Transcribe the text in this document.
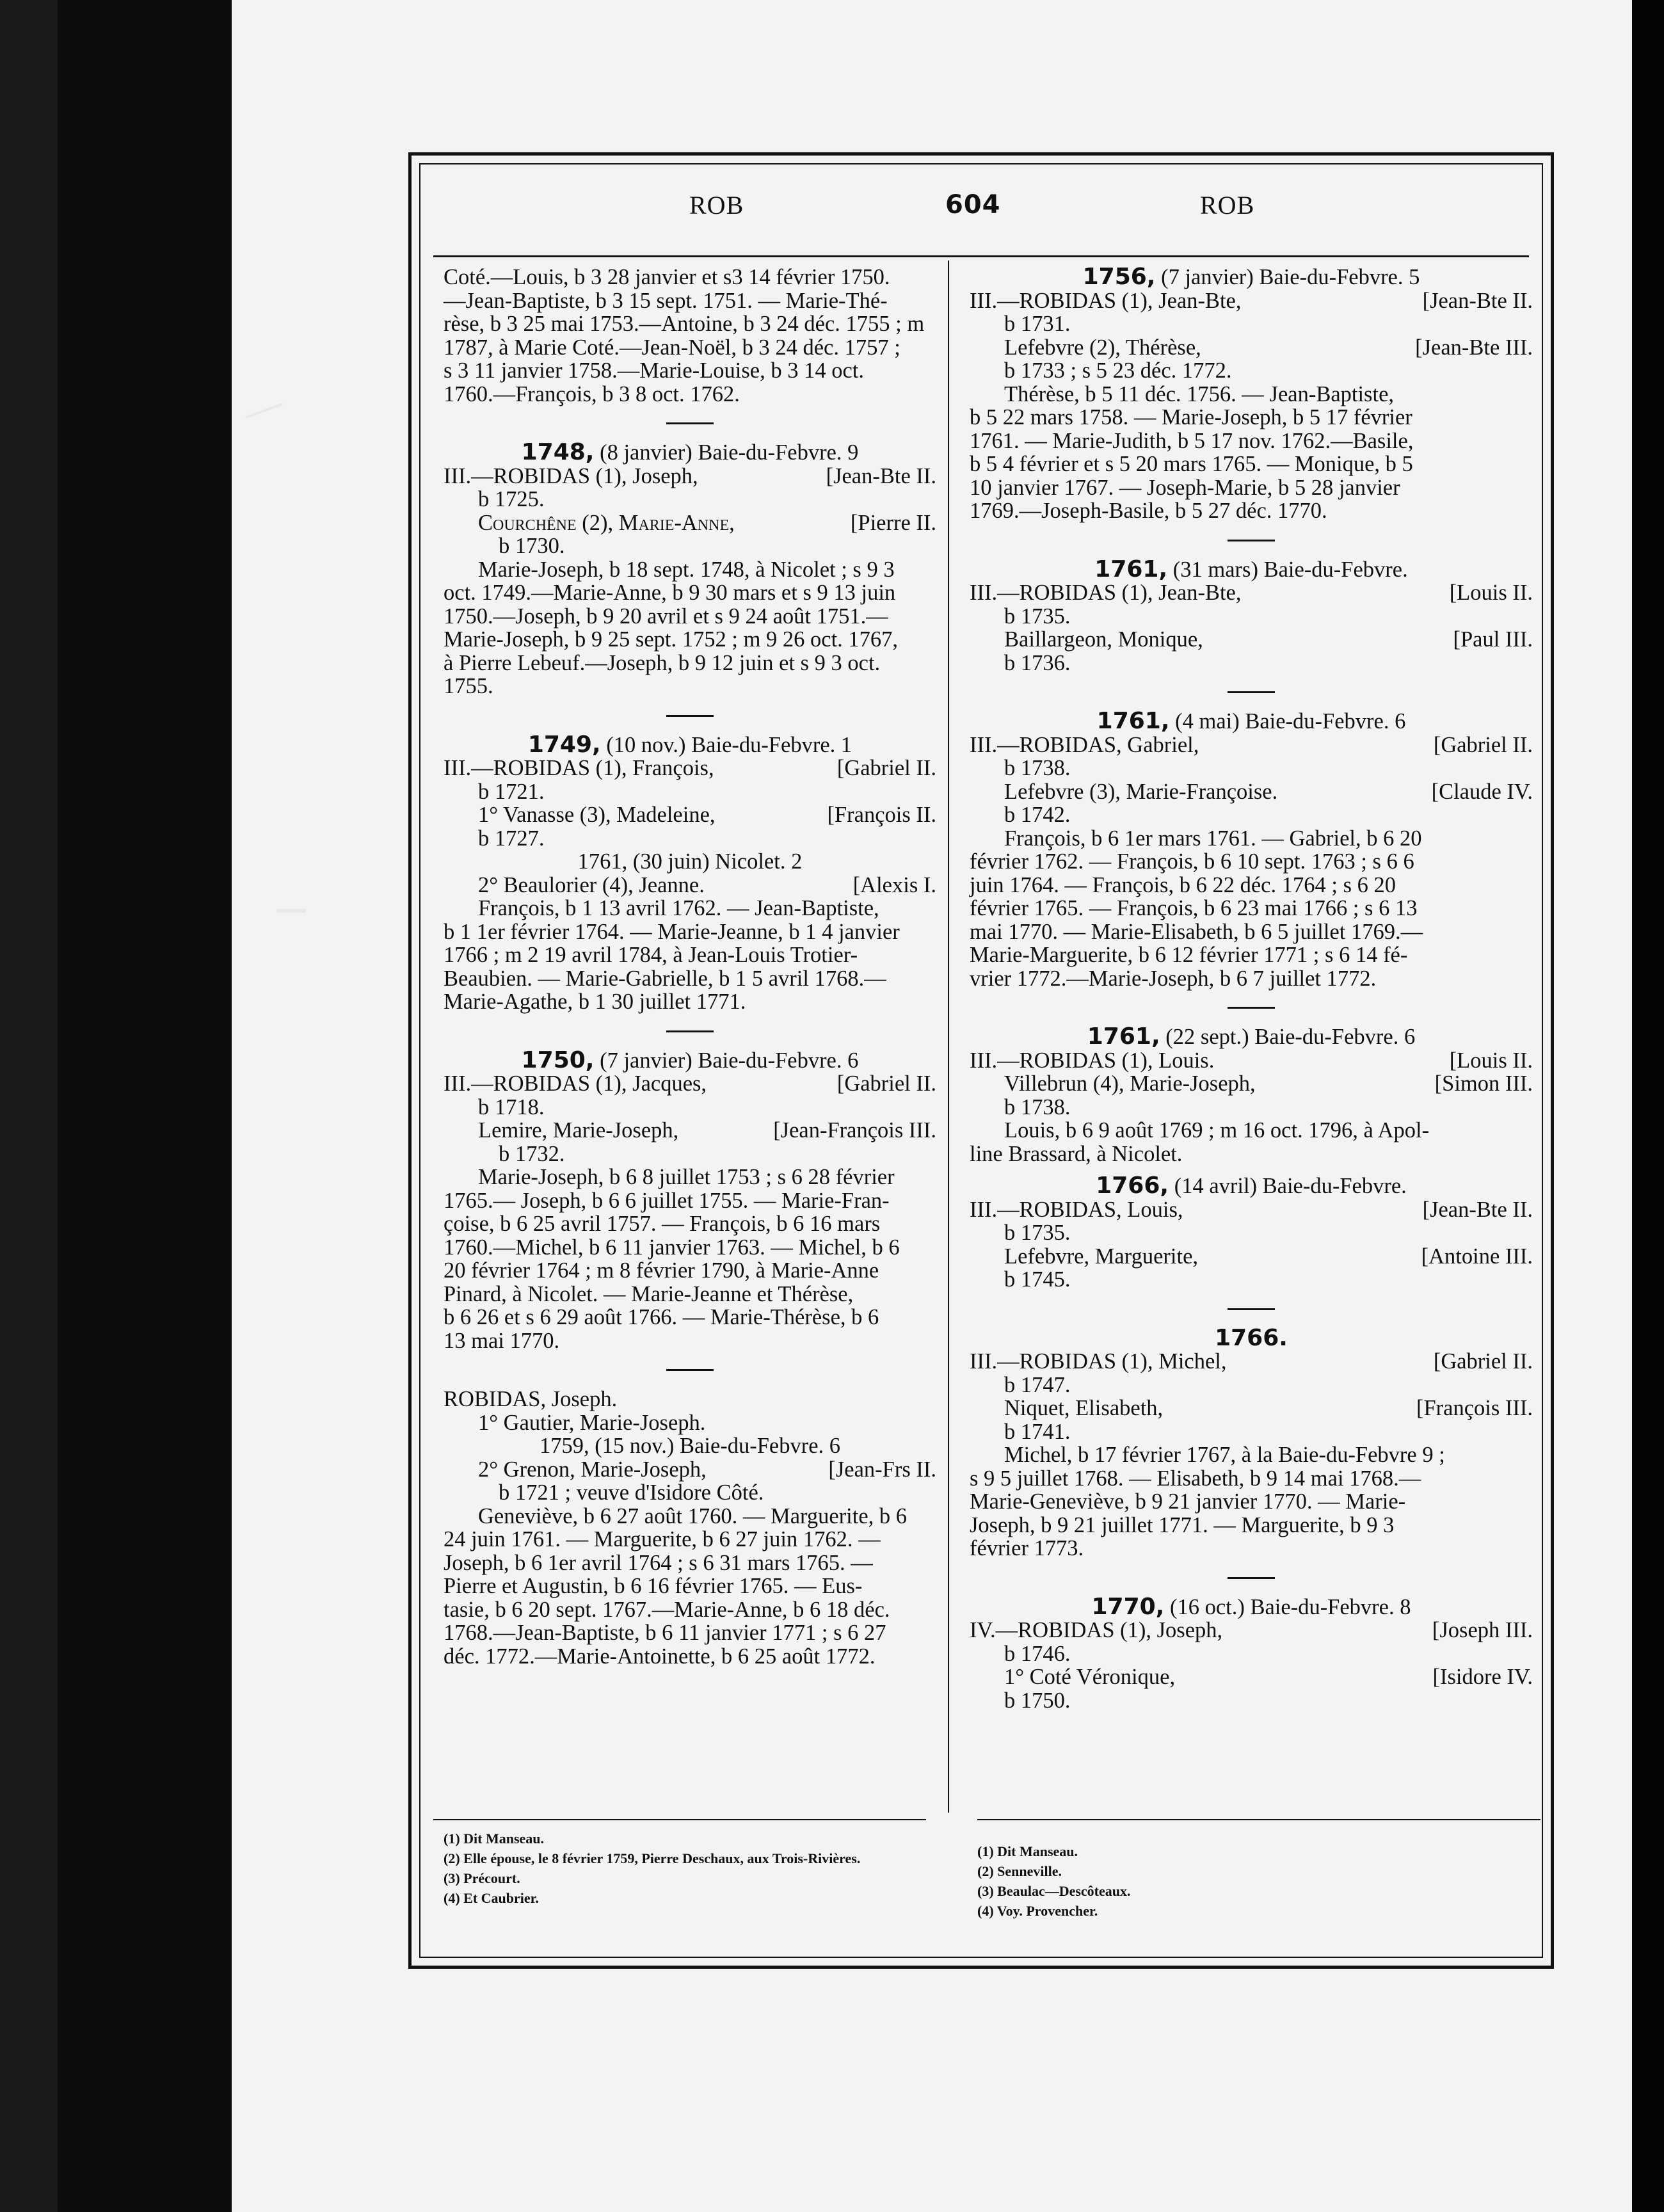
ROB	604	ROB

Coté.—Louis, b 3 28 janvier et s3 14 février 1750.

—Jean-Baptiste, b 3 15 sept. 1751. — Marie-Thé-

rèse, b 3 25 mai 1753.—Antoine, b 3 24 déc. 1755 ; m

1787, à Marie Coté.—Jean-Noël, b 3 24 déc. 1757 ;

s 3 11 janvier 1758.—Marie-Louise, b 3 14 oct.

1760.—François, b 3 8 oct. 1762.

1748, (8 janvier) Baie-du-Febvre. 9

III.—ROBIDAS (1), Joseph,	[Jean-Bte II.

b 1725.

Courchêne (2), Marie-Anne,	[Pierre II.

b 1730.

Marie-Joseph, b 18 sept. 1748, à Nicolet ; s 9 3

oct. 1749.—Marie-Anne, b 9 30 mars et s 9 13 juin

1750.—Joseph, b 9 20 avril et s 9 24 août 1751.—

Marie-Joseph, b 9 25 sept. 1752 ; m 9 26 oct. 1767,

à Pierre Lebeuf.—Joseph, b 9 12 juin et s 9 3 oct.

1755.

1749, (10 nov.) Baie-du-Febvre. 1

III.—ROBIDAS (1), François,	[Gabriel II.

b 1721.

1° Vanasse (3), Madeleine,	[François II.

b 1727.

1761, (30 juin) Nicolet. 2

2° Beaulorier (4), Jeanne.	[Alexis I.

François, b 1 13 avril 1762. — Jean-Baptiste,

b 1 1er février 1764. — Marie-Jeanne, b 1 4 janvier

1766 ; m 2 19 avril 1784, à Jean-Louis Trotier-

Beaubien. — Marie-Gabrielle, b 1 5 avril 1768.—

Marie-Agathe, b 1 30 juillet 1771.

1750, (7 janvier) Baie-du-Febvre. 6

III.—ROBIDAS (1), Jacques,	[Gabriel II.

b 1718.

Lemire, Marie-Joseph,	[Jean-François III.

b 1732.

Marie-Joseph, b 6 8 juillet 1753 ; s 6 28 février

1765.— Joseph, b 6 6 juillet 1755. — Marie-Fran-

çoise, b 6 25 avril 1757. — François, b 6 16 mars

1760.—Michel, b 6 11 janvier 1763. — Michel, b 6

20 février 1764 ; m 8 février 1790, à Marie-Anne

Pinard, à Nicolet. — Marie-Jeanne et Thérèse,

b 6 26 et s 6 29 août 1766. — Marie-Thérèse, b 6

13 mai 1770.

ROBIDAS, Joseph.

1° Gautier, Marie-Joseph.

1759, (15 nov.) Baie-du-Febvre. 6

2° Grenon, Marie-Joseph,	[Jean-Frs II.

b 1721 ; veuve d'Isidore Côté.

Geneviève, b 6 27 août 1760. — Marguerite, b 6

24 juin 1761. — Marguerite, b 6 27 juin 1762. —

Joseph, b 6 1er avril 1764 ; s 6 31 mars 1765. —

Pierre et Augustin, b 6 16 février 1765. — Eus-

tasie, b 6 20 sept. 1767.—Marie-Anne, b 6 18 déc.

1768.—Jean-Baptiste, b 6 11 janvier 1771 ; s 6 27

déc. 1772.—Marie-Antoinette, b 6 25 août 1772.

1756, (7 janvier) Baie-du-Febvre. 5

III.—ROBIDAS (1), Jean-Bte,	[Jean-Bte II.

b 1731.

Lefebvre (2), Thérèse,	[Jean-Bte III.

b 1733 ; s 5 23 déc. 1772.

Thérèse, b 5 11 déc. 1756. — Jean-Baptiste,

b 5 22 mars 1758. — Marie-Joseph, b 5 17 février

1761. — Marie-Judith, b 5 17 nov. 1762.—Basile,

b 5 4 février et s 5 20 mars 1765. — Monique, b 5

10 janvier 1767. — Joseph-Marie, b 5 28 janvier

1769.—Joseph-Basile, b 5 27 déc. 1770.

1761, (31 mars) Baie-du-Febvre.

III.—ROBIDAS (1), Jean-Bte,	[Louis II.

b 1735.

Baillargeon, Monique,	[Paul III.

b 1736.

1761, (4 mai) Baie-du-Febvre. 6

III.—ROBIDAS, Gabriel,	[Gabriel II.

b 1738.

Lefebvre (3), Marie-Françoise.	[Claude IV.

b 1742.

François, b 6 1er mars 1761. — Gabriel, b 6 20

février 1762. — François, b 6 10 sept. 1763 ; s 6 6

juin 1764. — François, b 6 22 déc. 1764 ; s 6 20

février 1765. — François, b 6 23 mai 1766 ; s 6 13

mai 1770. — Marie-Elisabeth, b 6 5 juillet 1769.—

Marie-Marguerite, b 6 12 février 1771 ; s 6 14 fé-

vrier 1772.—Marie-Joseph, b 6 7 juillet 1772.

1761, (22 sept.) Baie-du-Febvre. 6

III.—ROBIDAS (1), Louis.	[Louis II.
Villebrun (4), Marie-Joseph,	[Simon III.

b 1738.

Louis, b 6 9 août 1769 ; m 16 oct. 1796, à Apol-

line Brassard, à Nicolet.

1766, (14 avril) Baie-du-Febvre.

III.—ROBIDAS, Louis,	[Jean-Bte II.

b 1735.

Lefebvre, Marguerite,	[Antoine III.

b 1745.

1766.

III.—ROBIDAS (1), Michel,	[Gabriel II.

b 1747.

Niquet, Elisabeth,	[François III.

b 1741.

Michel, b 17 février 1767, à la Baie-du-Febvre 9 ;

s 9 5 juillet 1768. — Elisabeth, b 9 14 mai 1768.—

Marie-Geneviève, b 9 21 janvier 1770. — Marie-

Joseph, b 9 21 juillet 1771. — Marguerite, b 9 3

février 1773.

1770, (16 oct.) Baie-du-Febvre. 8

IV.—ROBIDAS (1), Joseph,	[Joseph III.

b 1746.

1° Coté Véronique,	[Isidore IV.

b 1750.

(1) Dit Manseau.

(2) Elle épouse, le 8 février 1759, Pierre Deschaux, aux Trois-Rivières.

(3) Précourt.

(4) Et Caubrier.

(1) Dit Manseau.

(2) Senneville.

(3) Beaulac—Descôteaux.

(4) Voy. Provencher.
